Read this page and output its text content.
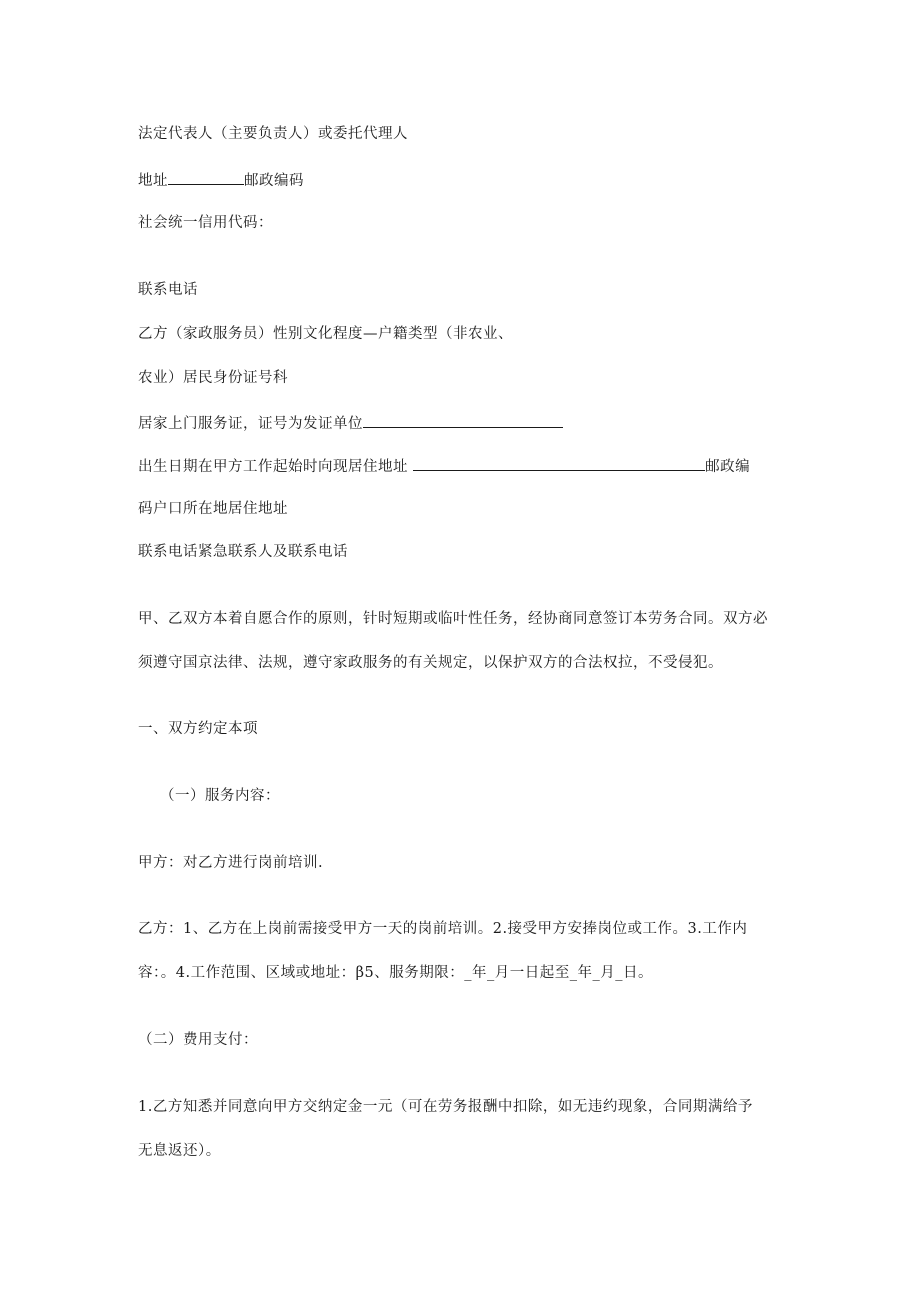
法定代表人（主要负责人）或委托代理人
地址	邮政编码
社会统一信用代码：
联系电话
乙方（家政服务员）性别文化程度—户籍类型（非农业、
农业）居民身份证号科
居家上门服务证，证号为发证单位
出生日期在甲方工作起始时向现居住地址	邮政编
码户口所在地居住地址
联系电话紧急联系人及联系电话
甲、乙双方本着自愿合作的原则，针时短期或临叶性任务，经协商同意签订本劳务合同。双方必
须遵守国京法律、法规，遵守家政服务的有关规定，以保护双方的合法权拉，不受侵犯。
一、双方约定本项
（一）服务内容：
甲方：对乙方进行岗前培训.
乙方：1、乙方在上岗前需接受甲方一天的岗前培训。2.接受甲方安捧岗位或工作。3.工作内
容：。4.工作范围、区域或地址：β5、服务期限：_年_月一日起至_年_月_日。
（二）费用支付：
1.乙方知悉并同意向甲方交纳定金一元（可在劳务报酬中扣除，如无违约现象，合同期满给予
无息返还）。
